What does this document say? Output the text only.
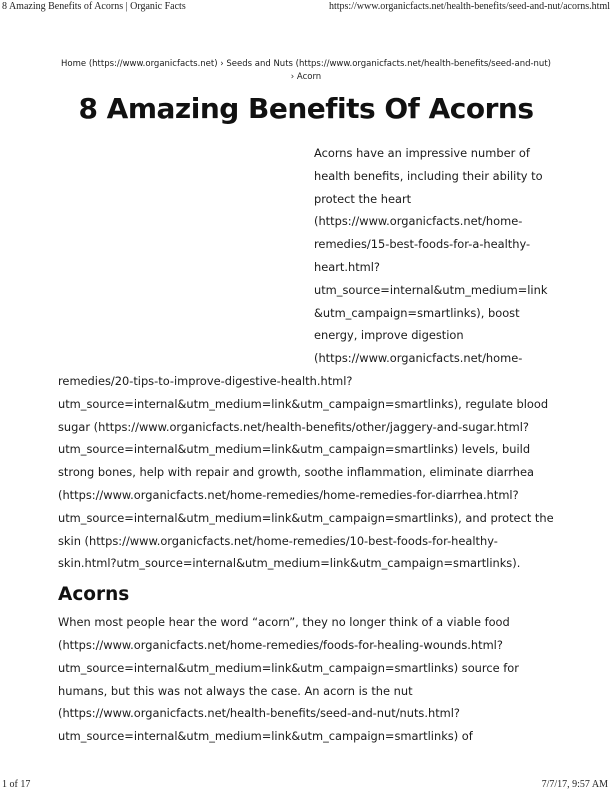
8 Amazing Benefits of Acorns | Organic Facts	https://www.organicfacts.net/health-benefits/seed-and-nut/acorns.html

Home (https://www.organicfacts.net) › Seeds and Nuts (https://www.organicfacts.net/health-benefits/seed-and-nut)
› Acorn

8 Amazing Benefits Of Acorns

Acorns have an impressive number of health benefits, including their ability to protect the heart (https://www.organicfacts.net/home-remedies/15-best-foods-for-a-healthy-heart.html?utm_source=internal&utm_medium=link&utm_campaign=smartlinks), boost energy, improve digestion (https://www.organicfacts.net/home-remedies/20-tips-to-improve-digestive-health.html?utm_source=internal&utm_medium=link&utm_campaign=smartlinks), regulate blood sugar (https://www.organicfacts.net/health-benefits/other/jaggery-and-sugar.html?utm_source=internal&utm_medium=link&utm_campaign=smartlinks) levels, build strong bones, help with repair and growth, soothe inflammation, eliminate diarrhea (https://www.organicfacts.net/home-remedies/home-remedies-for-diarrhea.html?utm_source=internal&utm_medium=link&utm_campaign=smartlinks), and protect the skin (https://www.organicfacts.net/home-remedies/10-best-foods-for-healthy-skin.html?utm_source=internal&utm_medium=link&utm_campaign=smartlinks).

Acorns

When most people hear the word “acorn”, they no longer think of a viable food (https://www.organicfacts.net/home-remedies/foods-for-healing-wounds.html?utm_source=internal&utm_medium=link&utm_campaign=smartlinks) source for humans, but this was not always the case. An acorn is the nut (https://www.organicfacts.net/health-benefits/seed-and-nut/nuts.html?utm_source=internal&utm_medium=link&utm_campaign=smartlinks) of

1 of 17	7/7/17, 9:57 AM
